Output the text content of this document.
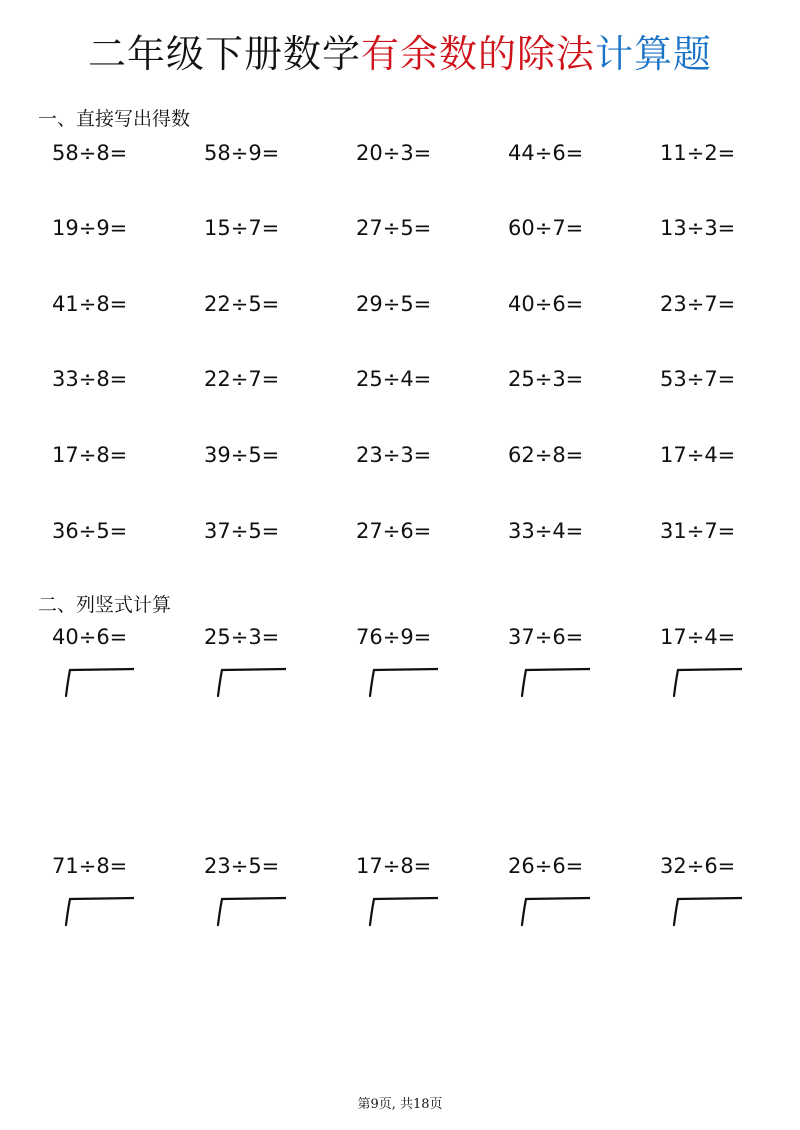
二年级下册数学有余数的除法计算题
一、直接写出得数
58÷8=	58÷9=	20÷3=	44÷6=	11÷2=
19÷9=	15÷7=	27÷5=	60÷7=	13÷3=
41÷8=	22÷5=	29÷5=	40÷6=	23÷7=
33÷8=	22÷7=	25÷4=	25÷3=	53÷7=
17÷8=	39÷5=	23÷3=	62÷8=	17÷4=
36÷5=	37÷5=	27÷6=	33÷4=	31÷7=
二、列竖式计算
40÷6=	25÷3=	76÷9=	37÷6=	17÷4=
71÷8=	23÷5=	17÷8=	26÷6=	32÷6=
第9页, 共18页
